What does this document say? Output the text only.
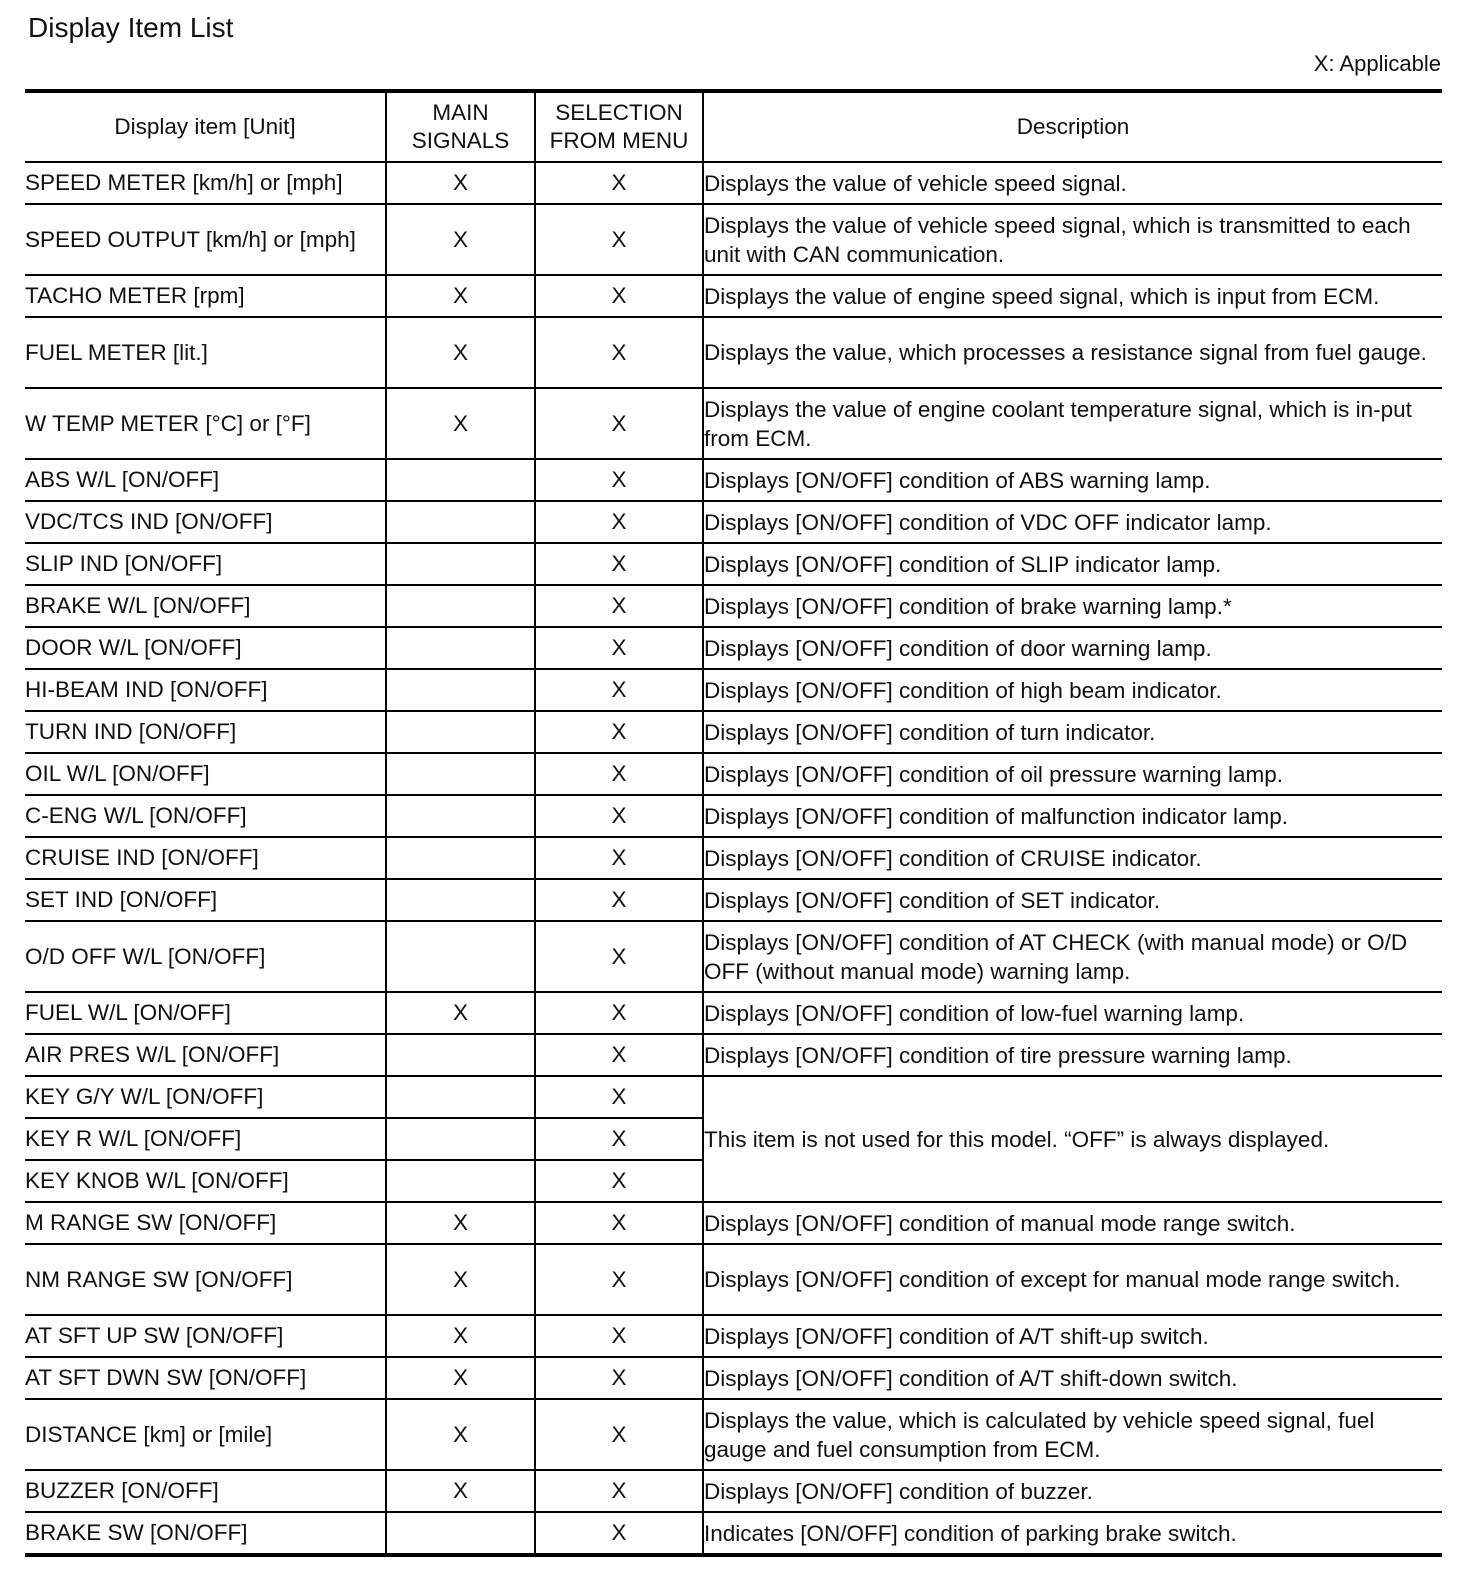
Display Item List
X: Applicable
Display item [Unit]	MAIN SIGNALS	SELECTION FROM MENU	Description
SPEED METER [km/h] or [mph]	X	X	Displays the value of vehicle speed signal.
SPEED OUTPUT [km/h] or [mph]	X	X	Displays the value of vehicle speed signal, which is transmitted to each unit with CAN communication.
TACHO METER [rpm]	X	X	Displays the value of engine speed signal, which is input from ECM.
FUEL METER [lit.]	X	X	Displays the value, which processes a resistance signal from fuel gauge.
W TEMP METER [°C] or [°F]	X	X	Displays the value of engine coolant temperature signal, which is in-put from ECM.
ABS W/L [ON/OFF]		X	Displays [ON/OFF] condition of ABS warning lamp.
VDC/TCS IND [ON/OFF]		X	Displays [ON/OFF] condition of VDC OFF indicator lamp.
SLIP IND [ON/OFF]		X	Displays [ON/OFF] condition of SLIP indicator lamp.
BRAKE W/L [ON/OFF]		X	Displays [ON/OFF] condition of brake warning lamp.*
DOOR W/L [ON/OFF]		X	Displays [ON/OFF] condition of door warning lamp.
HI-BEAM IND [ON/OFF]		X	Displays [ON/OFF] condition of high beam indicator.
TURN IND [ON/OFF]		X	Displays [ON/OFF] condition of turn indicator.
OIL W/L [ON/OFF]		X	Displays [ON/OFF] condition of oil pressure warning lamp.
C-ENG W/L [ON/OFF]		X	Displays [ON/OFF] condition of malfunction indicator lamp.
CRUISE IND [ON/OFF]		X	Displays [ON/OFF] condition of CRUISE indicator.
SET IND [ON/OFF]		X	Displays [ON/OFF] condition of SET indicator.
O/D OFF W/L [ON/OFF]		X	Displays [ON/OFF] condition of AT CHECK (with manual mode) or O/D OFF (without manual mode) warning lamp.
FUEL W/L [ON/OFF]	X	X	Displays [ON/OFF] condition of low-fuel warning lamp.
AIR PRES W/L [ON/OFF]		X	Displays [ON/OFF] condition of tire pressure warning lamp.
KEY G/Y W/L [ON/OFF]		X	This item is not used for this model. “OFF” is always displayed.
KEY R W/L [ON/OFF]		X	
KEY KNOB W/L [ON/OFF]		X	
M RANGE SW [ON/OFF]	X	X	Displays [ON/OFF] condition of manual mode range switch.
NM RANGE SW [ON/OFF]	X	X	Displays [ON/OFF] condition of except for manual mode range switch.
AT SFT UP SW [ON/OFF]	X	X	Displays [ON/OFF] condition of A/T shift-up switch.
AT SFT DWN SW [ON/OFF]	X	X	Displays [ON/OFF] condition of A/T shift-down switch.
DISTANCE [km] or [mile]	X	X	Displays the value, which is calculated by vehicle speed signal, fuel gauge and fuel consumption from ECM.
BUZZER [ON/OFF]	X	X	Displays [ON/OFF] condition of buzzer.
BRAKE SW [ON/OFF]		X	Indicates [ON/OFF] condition of parking brake switch.
